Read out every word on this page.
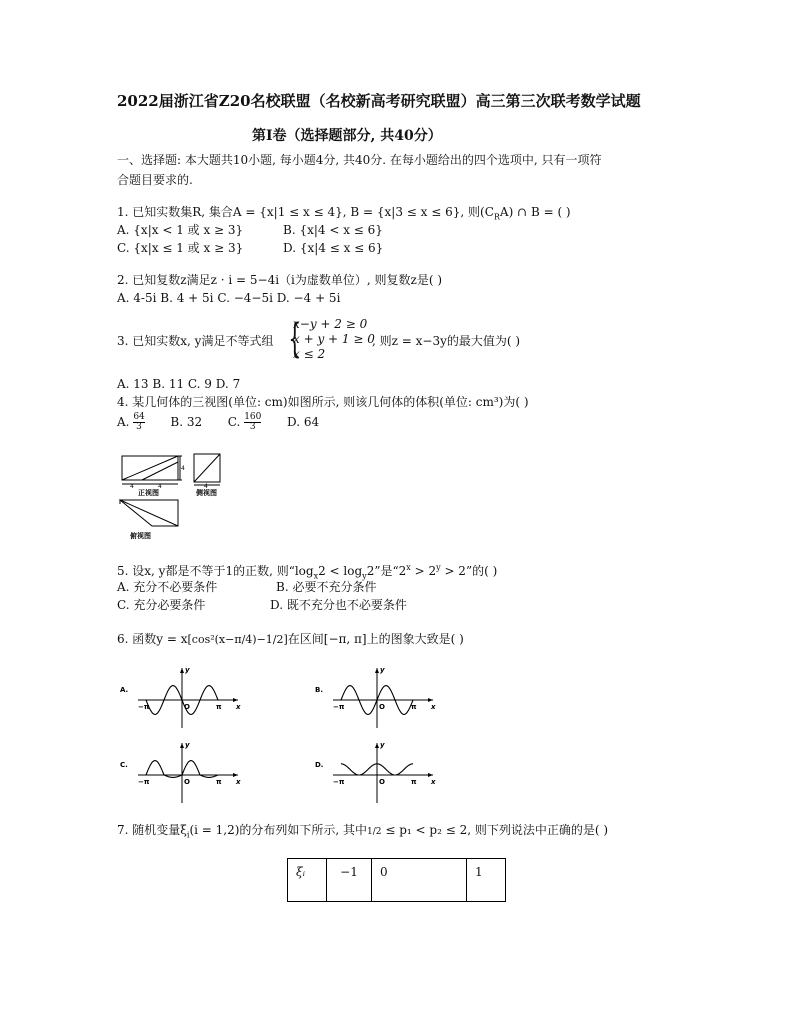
2022届浙江省Z20名校联盟（名校新高考研究联盟）高三第三次联考数学试题
第I卷（选择题部分, 共40分）
一、选择题: 本大题共10小题, 每小题4分, 共40分. 在每小题给出的四个选项中, 只有一项符
合题目要求的.
1. 已知实数集R, 集合A = {x|1 ≤ x ≤ 4}, B = {x|3 ≤ x ≤ 6}, 则$(C_RA)$ ∩ B = ( )
A. {x|x < 1 或 x ≥ 3}	B. {x|4 < x ≤ 6}
C. {x|x ≤ 1 或 x ≥ 3}	D. {x|4 ≤ x ≤ 6}
2. 已知复数z满足z · i = 5−4i（i为虚数单位）, 则复数z是( )
A. 4-5i B. 4 + 5i C. −4−5i D. −4 + 5i
3. 已知实数x, y满足不等式组 {
x−y + 2 ≥ 0
x + y + 1 ≥ 0
x ≤ 2
, 则z = x−3y的最大值为( )
A. 13 B. 11 C. 9 D. 7
4. 某几何体的三视图(单位: cm)如图所示, 则该几何体的体积(单位: cm³)为( )
A. $\frac{64}{3} B$. 32 C. $\frac{160}{3} D$. 64
4
4	4
正视图
4
侧视图
俯视图
5. 设x, y都是不等于1的正数, 则“$\log_x2 < \log_y2$”是“$2^x > 2^y > 2$”的( )
A. 充分不必要条件	B. 必要不充分条件
C. 充分必要条件	D. 既不充分也不必要条件
6. 函数y = x[cos²(x−π/4)−1/2]在区间[−π, π]上的图象大致是( )
A.
−π	O	π x
y
B.
−π	O	π x
y
C.
−π	O	π x
y
D.
−π	O	π x
y
7. 随机变量$\xi_i(i = 1,2)$的分布列如下所示, 其中1/2 ≤ p₁ < p₂ ≤ 2, 则下列说法中正确的是( )
ξᵢ	−1	0	1
